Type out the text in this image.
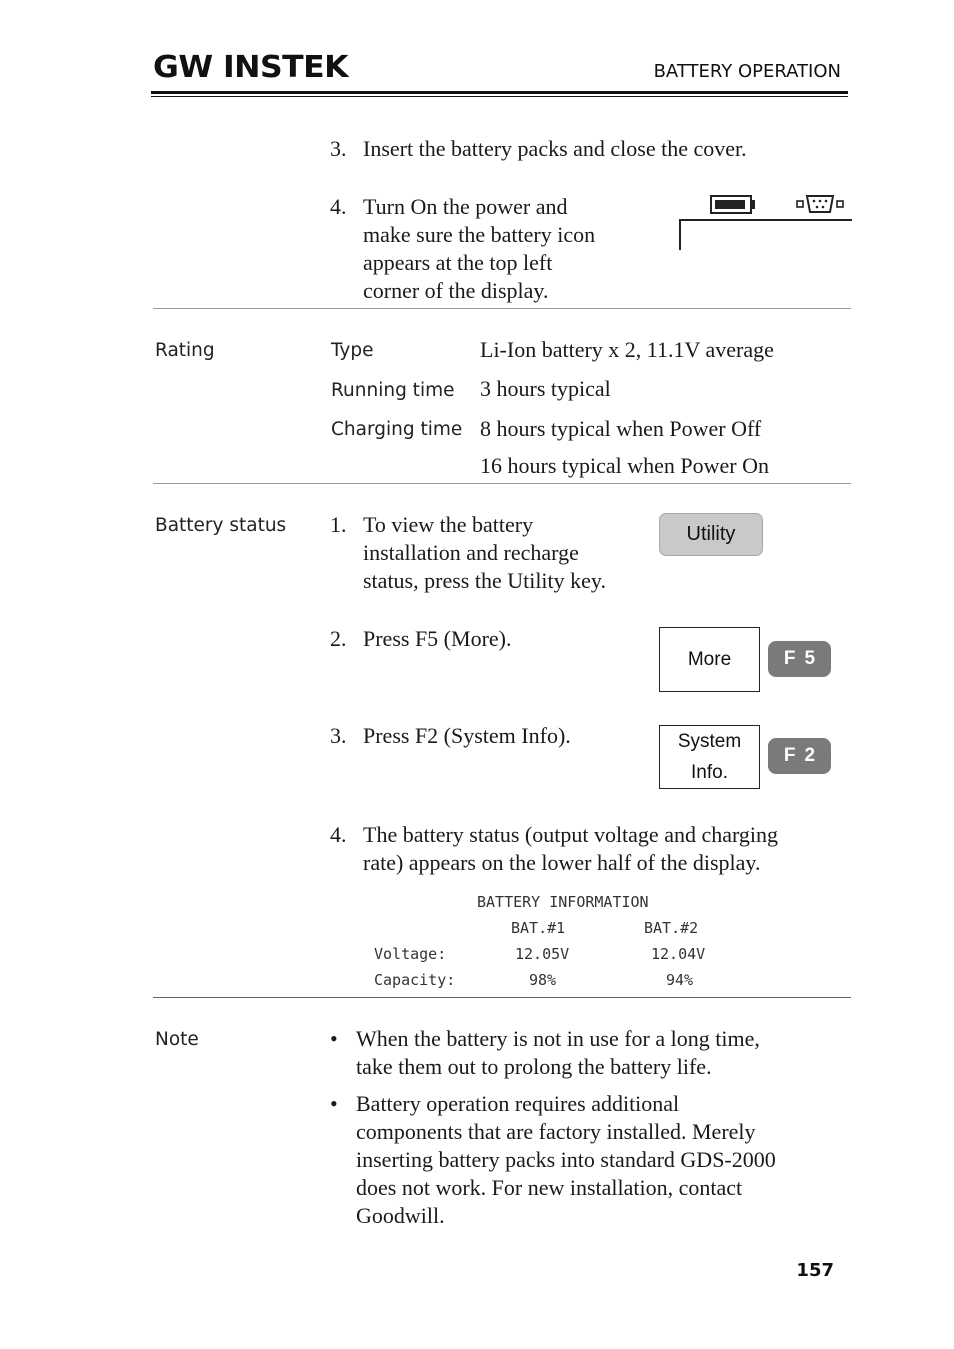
GW INSTEK	BATTERY OPERATION
3. Insert the battery packs and close the cover.
4. Turn On the power and
make sure the battery icon
appears at the top left
corner of the display.
Rating	Type	Li-Ion battery x 2, 11.1V average
Running time 3 hours typical
Charging time 8 hours typical when Power Off
16 hours typical when Power On
Battery status 1. To view the battery
installation and recharge
status, press the Utility key.
Utility
2. Press F5 (More).
More	F5
3. Press F2 (System Info).	System
Info.
F2
4. The battery status (output voltage and charging
rate) appears on the lower half of the display.
BATTERY INFORMATION
BAT.#1	BAT.#2
Voltage:	12.05V	12.04V
Capacity:	98%	94%
Note	• When the battery is not in use for a long time,
take them out to prolong the battery life.
• Battery operation requires additional
components that are factory installed. Merely
inserting battery packs into standard GDS-2000
does not work. For new installation, contact
Goodwill.
157
